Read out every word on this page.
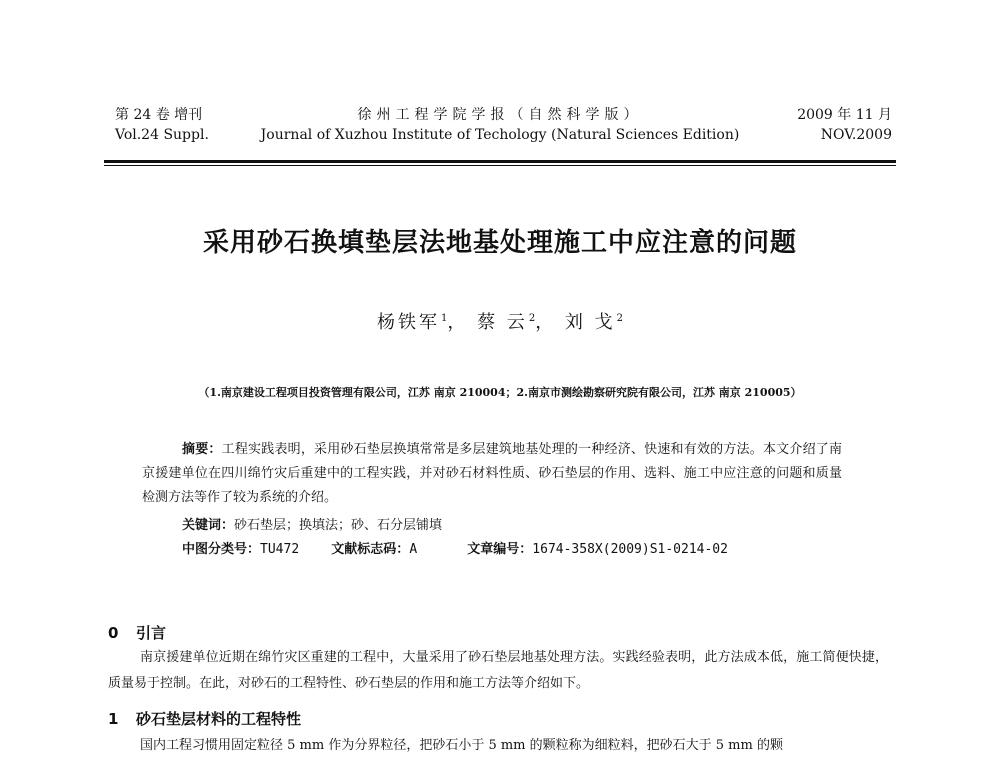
第 24 卷 增刊
Vol.24 Suppl.
徐州工程学院学报（自然科学版）
Journal of Xuzhou Institute of Techology (Natural Sciences Edition)
2009 年 11 月
NOV.2009
采用砂石换填垫层法地基处理施工中应注意的问题
杨铁军$^1$， 蔡 云$^2$， 刘 戈$^2$
（1.南京建设工程项目投资管理有限公司，江苏 南京 210004；2.南京市测绘勘察研究院有限公司，江苏 南京 210005）
摘要：工程实践表明，采用砂石垫层换填常常是多层建筑地基处理的一种经济、快速和有效的方法。本文介绍了南京援建单位在四川绵竹灾后重建中的工程实践，并对砂石材料性质、砂石垫层的作用、选料、施工中应注意的问题和质量检测方法等作了较为系统的介绍。
关键词：砂石垫层；换填法；砂、石分层铺填
中图分类号：TU472 文献标志码：A	文章编号：1674-358X(2009)S1-0214-02
0 引言
南京援建单位近期在绵竹灾区重建的工程中，大量采用了砂石垫层地基处理方法。实践经验表明，此方法成本低，施工简便快捷，质量易于控制。在此，对砂石的工程特性、砂石垫层的作用和施工方法等介绍如下。
1 砂石垫层材料的工程特性
国内工程习惯用固定粒径 5 mm 作为分界粒径，把砂石小于 5 mm 的颗粒称为细粒料，把砂石大于 5 mm 的颗
